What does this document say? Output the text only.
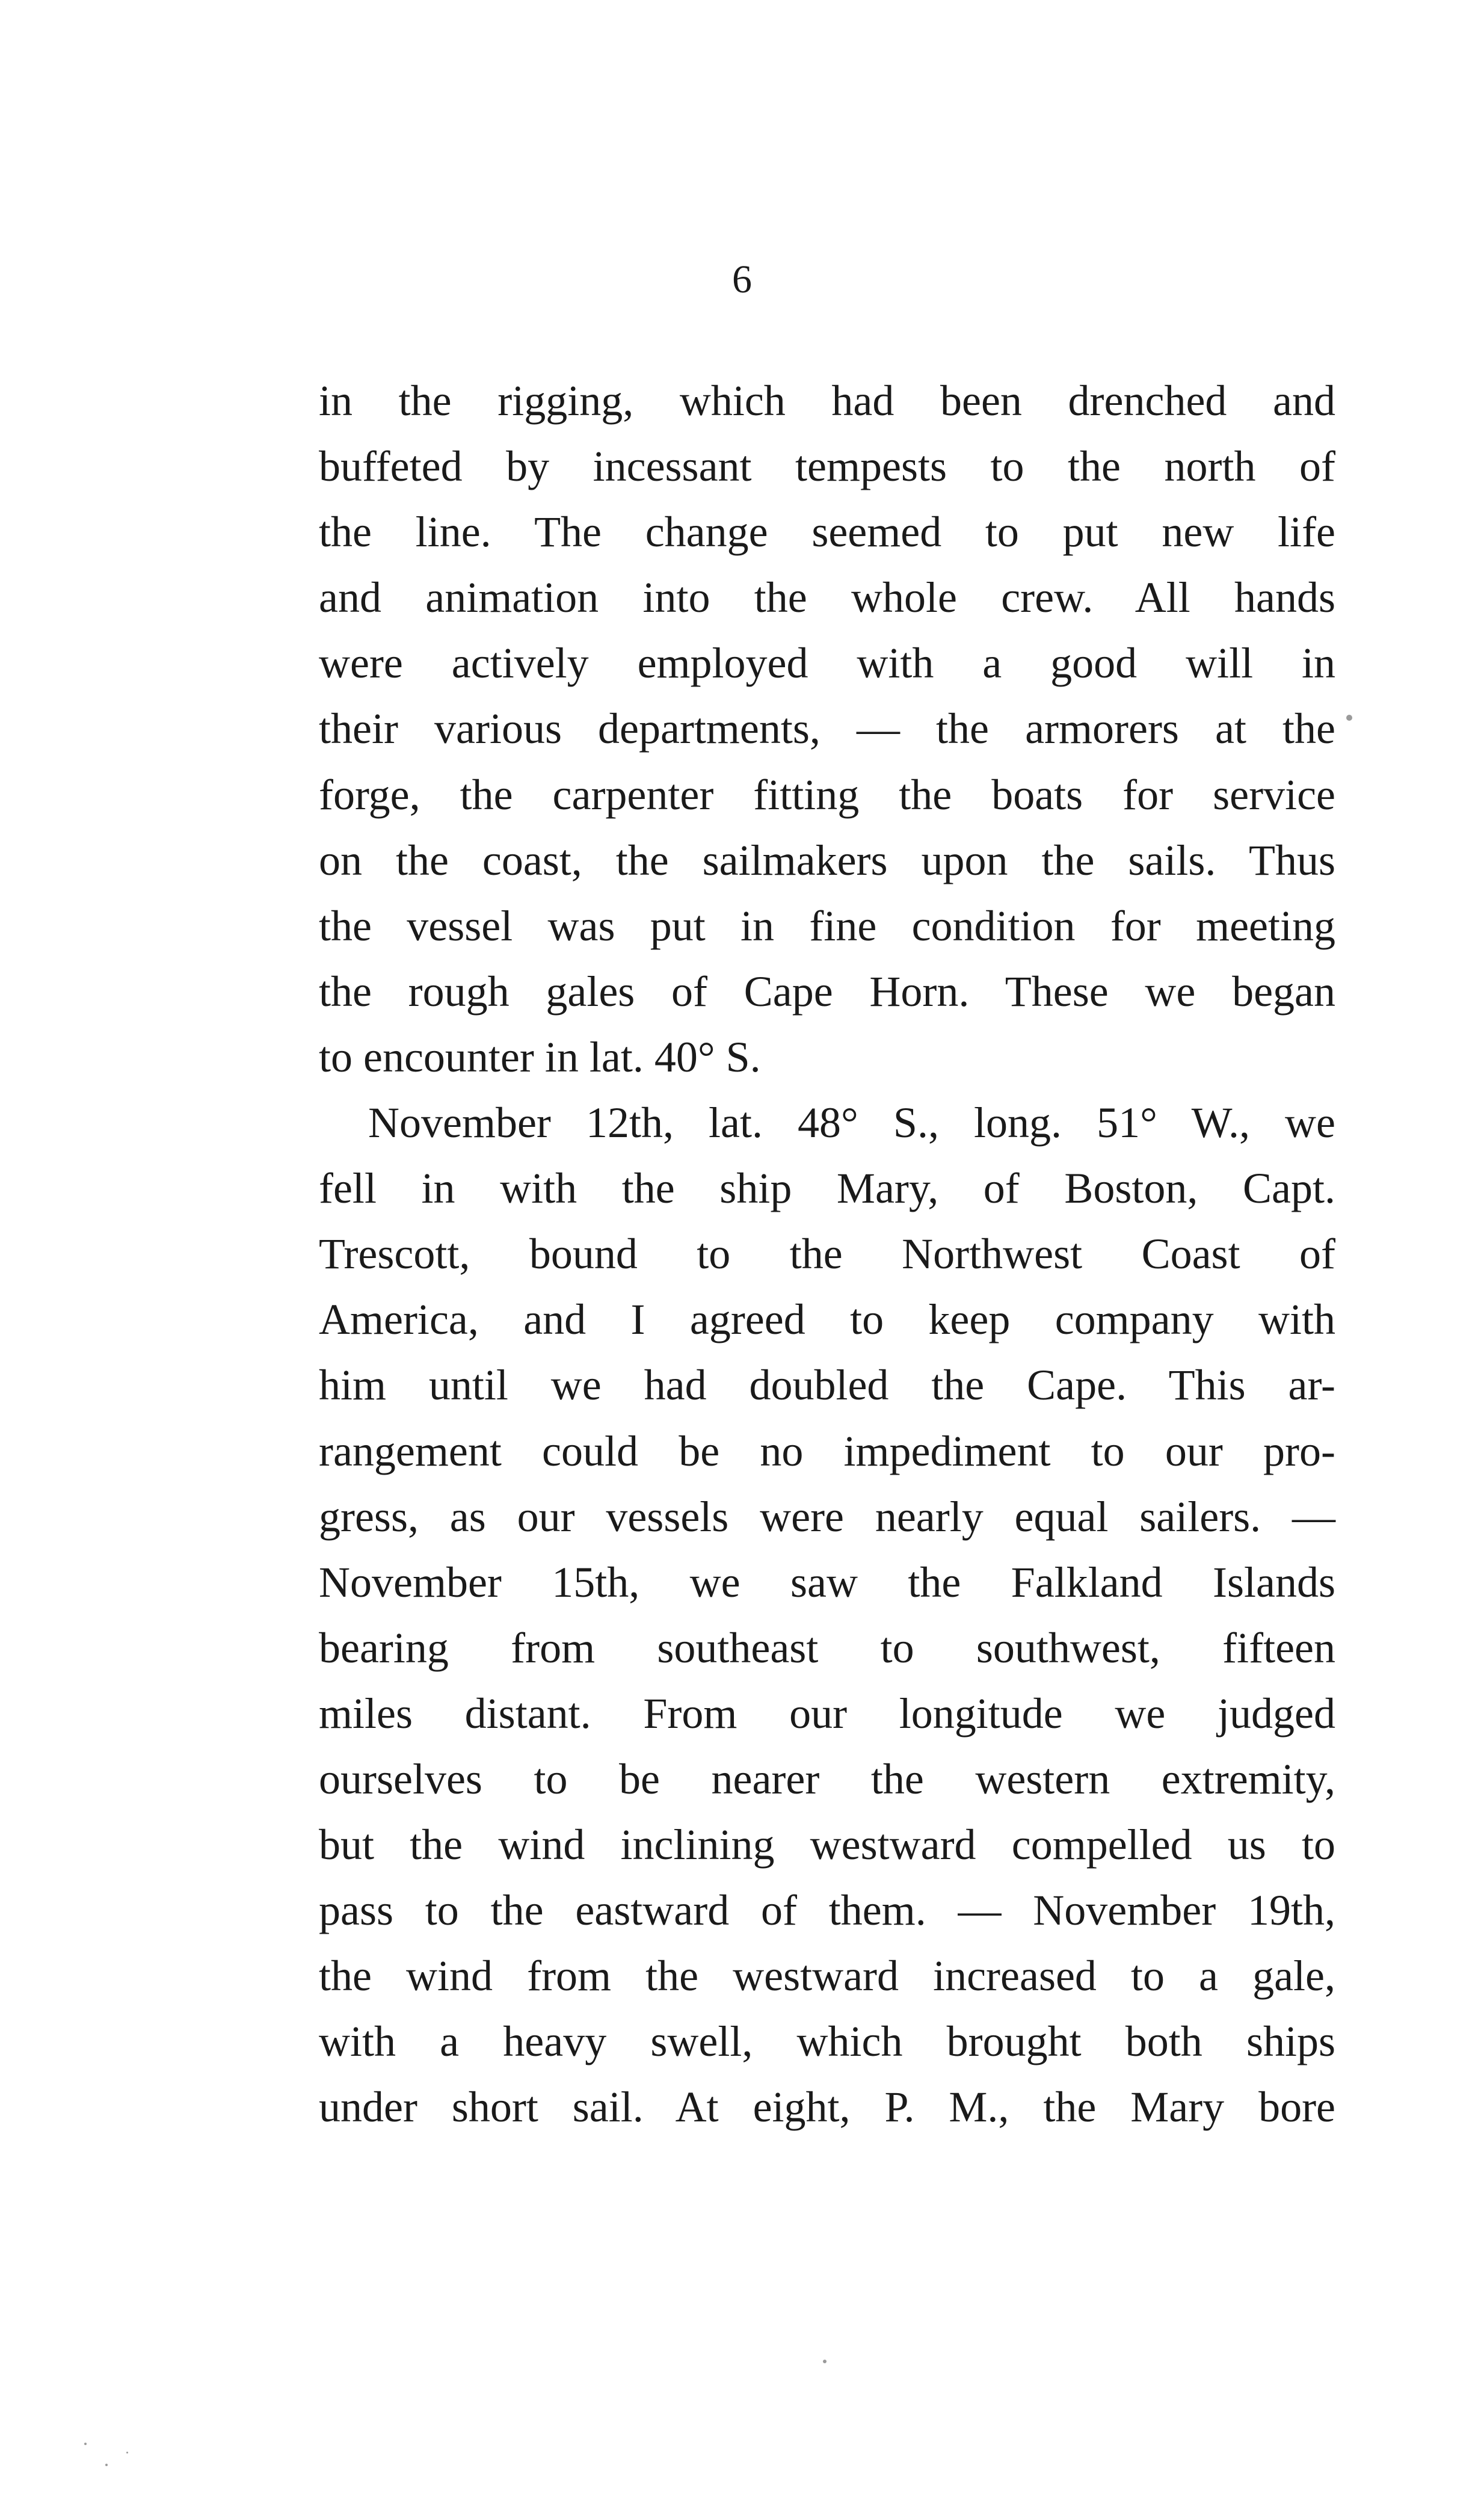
6
in the rigging, which had been drenched and
buffeted by incessant tempests to the north of
the line. The change seemed to put new life
and animation into the whole crew. All hands
were actively employed with a good will in
their various departments, — the armorers at the
forge, the carpenter fitting the boats for service
on the coast, the sailmakers upon the sails. Thus
the vessel was put in fine condition for meeting
the rough gales of Cape Horn. These we began
to encounter in lat. 40° S.
November 12th, lat. 48° S., long. 51° W., we
fell in with the ship Mary, of Boston, Capt.
Trescott, bound to the Northwest Coast of
America, and I agreed to keep company with
him until we had doubled the Cape. This ar-
rangement could be no impediment to our pro-
gress, as our vessels were nearly equal sailers. —
November 15th, we saw the Falkland Islands
bearing from southeast to southwest, fifteen
miles distant. From our longitude we judged
ourselves to be nearer the western extremity,
but the wind inclining westward compelled us to
pass to the eastward of them. — November 19th,
the wind from the westward increased to a gale,
with a heavy swell, which brought both ships
under short sail. At eight, P. M., the Mary bore
